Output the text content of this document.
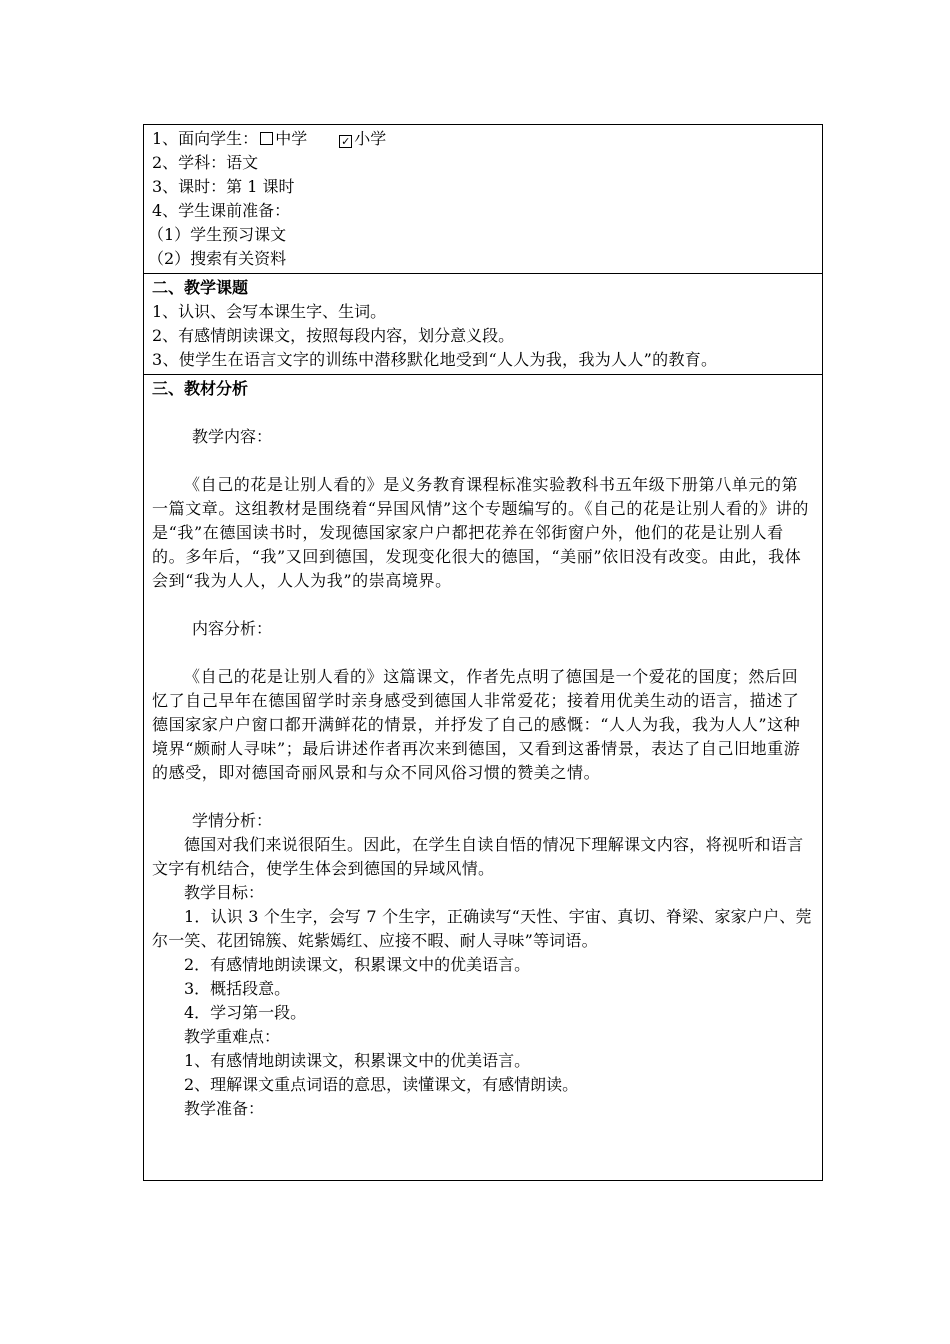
1、面向学生： 中学	✓ 小学

2、学科：语文

3、课时：第 1 课时

4、学生课前准备：

（1）学生预习课文

（2）搜索有关资料

二、教学课题

1、认识、会写本课生字、生词。

2、有感情朗读课文，按照每段内容，划分意义段。

3、使学生在语言文字的训练中潜移默化地受到“人人为我，我为人人”的教育。

三、教材分析

教学内容：

《自己的花是让别人看的》是义务教育课程标准实验教科书五年级下册第八单元的第一篇文章。这组教材是围绕着“异国风情”这个专题编写的。《自己的花是让别人看的》讲的是“我”在德国读书时，发现德国家家户户都把花养在邻街窗户外，他们的花是让别人看的。多年后，“我”又回到德国，发现变化很大的德国，“美丽”依旧没有改变。由此，我体会到“我为人人，人人为我”的崇高境界。

内容分析：

《自己的花是让别人看的》这篇课文，作者先点明了德国是一个爱花的国度；然后回忆了自己早年在德国留学时亲身感受到德国人非常爱花；接着用优美生动的语言，描述了德国家家户户窗口都开满鲜花的情景，并抒发了自己的感慨：“人人为我，我为人人”这种境界“颇耐人寻味”；最后讲述作者再次来到德国，又看到这番情景，表达了自己旧地重游的感受，即对德国奇丽风景和与众不同风俗习惯的赞美之情。

学情分析：

德国对我们来说很陌生。因此，在学生自读自悟的情况下理解课文内容，将视听和语言文字有机结合，使学生体会到德国的异域风情。

教学目标：

1．认识 3 个生字，会写 7 个生字，正确读写“天性、宇宙、真切、脊梁、家家户户、莞尔一笑、花团锦簇、姹紫嫣红、应接不暇、耐人寻味”等词语。

2．有感情地朗读课文，积累课文中的优美语言。

3．概括段意。

4．学习第一段。

教学重难点：

1、有感情地朗读课文，积累课文中的优美语言。

2、理解课文重点词语的意思，读懂课文，有感情朗读。

教学准备：
